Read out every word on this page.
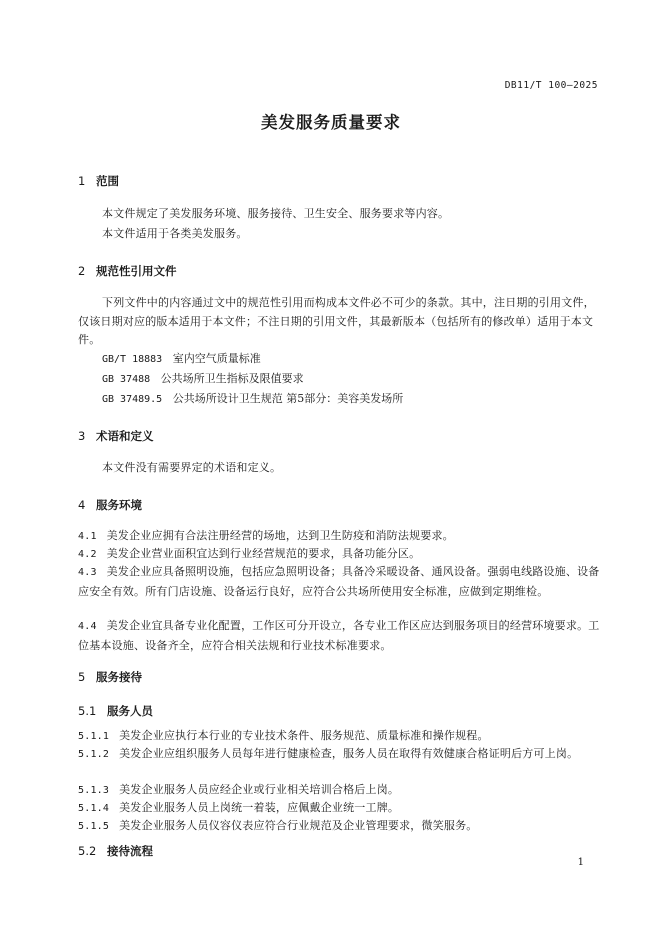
DB11/T 100—2025
美发服务质量要求
1 范围
本文件规定了美发服务环境、服务接待、卫生安全、服务要求等内容。
本文件适用于各类美发服务。
2 规范性引用文件
下列文件中的内容通过文中的规范性引用而构成本文件必不可少的条款。其中，注日期的引用文件，仅该日期对应的版本适用于本文件；不注日期的引用文件，其最新版本（包括所有的修改单）适用于本文件。
GB/T 18883 室内空气质量标准
GB 37488 公共场所卫生指标及限值要求
GB 37489.5 公共场所设计卫生规范 第5部分：美容美发场所
3 术语和定义
本文件没有需要界定的术语和定义。
4 服务环境
4.1 美发企业应拥有合法注册经营的场地，达到卫生防疫和消防法规要求。
4.2 美发企业营业面积宜达到行业经营规范的要求，具备功能分区。
4.3 美发企业应具备照明设施，包括应急照明设备；具备冷采暖设备、通风设备。强弱电线路设施、设备应安全有效。所有门店设施、设备运行良好，应符合公共场所使用安全标准，应做到定期维检。
4.4 美发企业宜具备专业化配置，工作区可分开设立，各专业工作区应达到服务项目的经营环境要求。工位基本设施、设备齐全，应符合相关法规和行业技术标准要求。
5 服务接待
5.1 服务人员
5.1.1 美发企业应执行本行业的专业技术条件、服务规范、质量标准和操作规程。
5.1.2 美发企业应组织服务人员每年进行健康检查，服务人员在取得有效健康合格证明后方可上岗。
5.1.3 美发企业服务人员应经企业或行业相关培训合格后上岗。
5.1.4 美发企业服务人员上岗统一着装，应佩戴企业统一工牌。
5.1.5 美发企业服务人员仪容仪表应符合行业规范及企业管理要求，微笑服务。
5.2 接待流程
1
